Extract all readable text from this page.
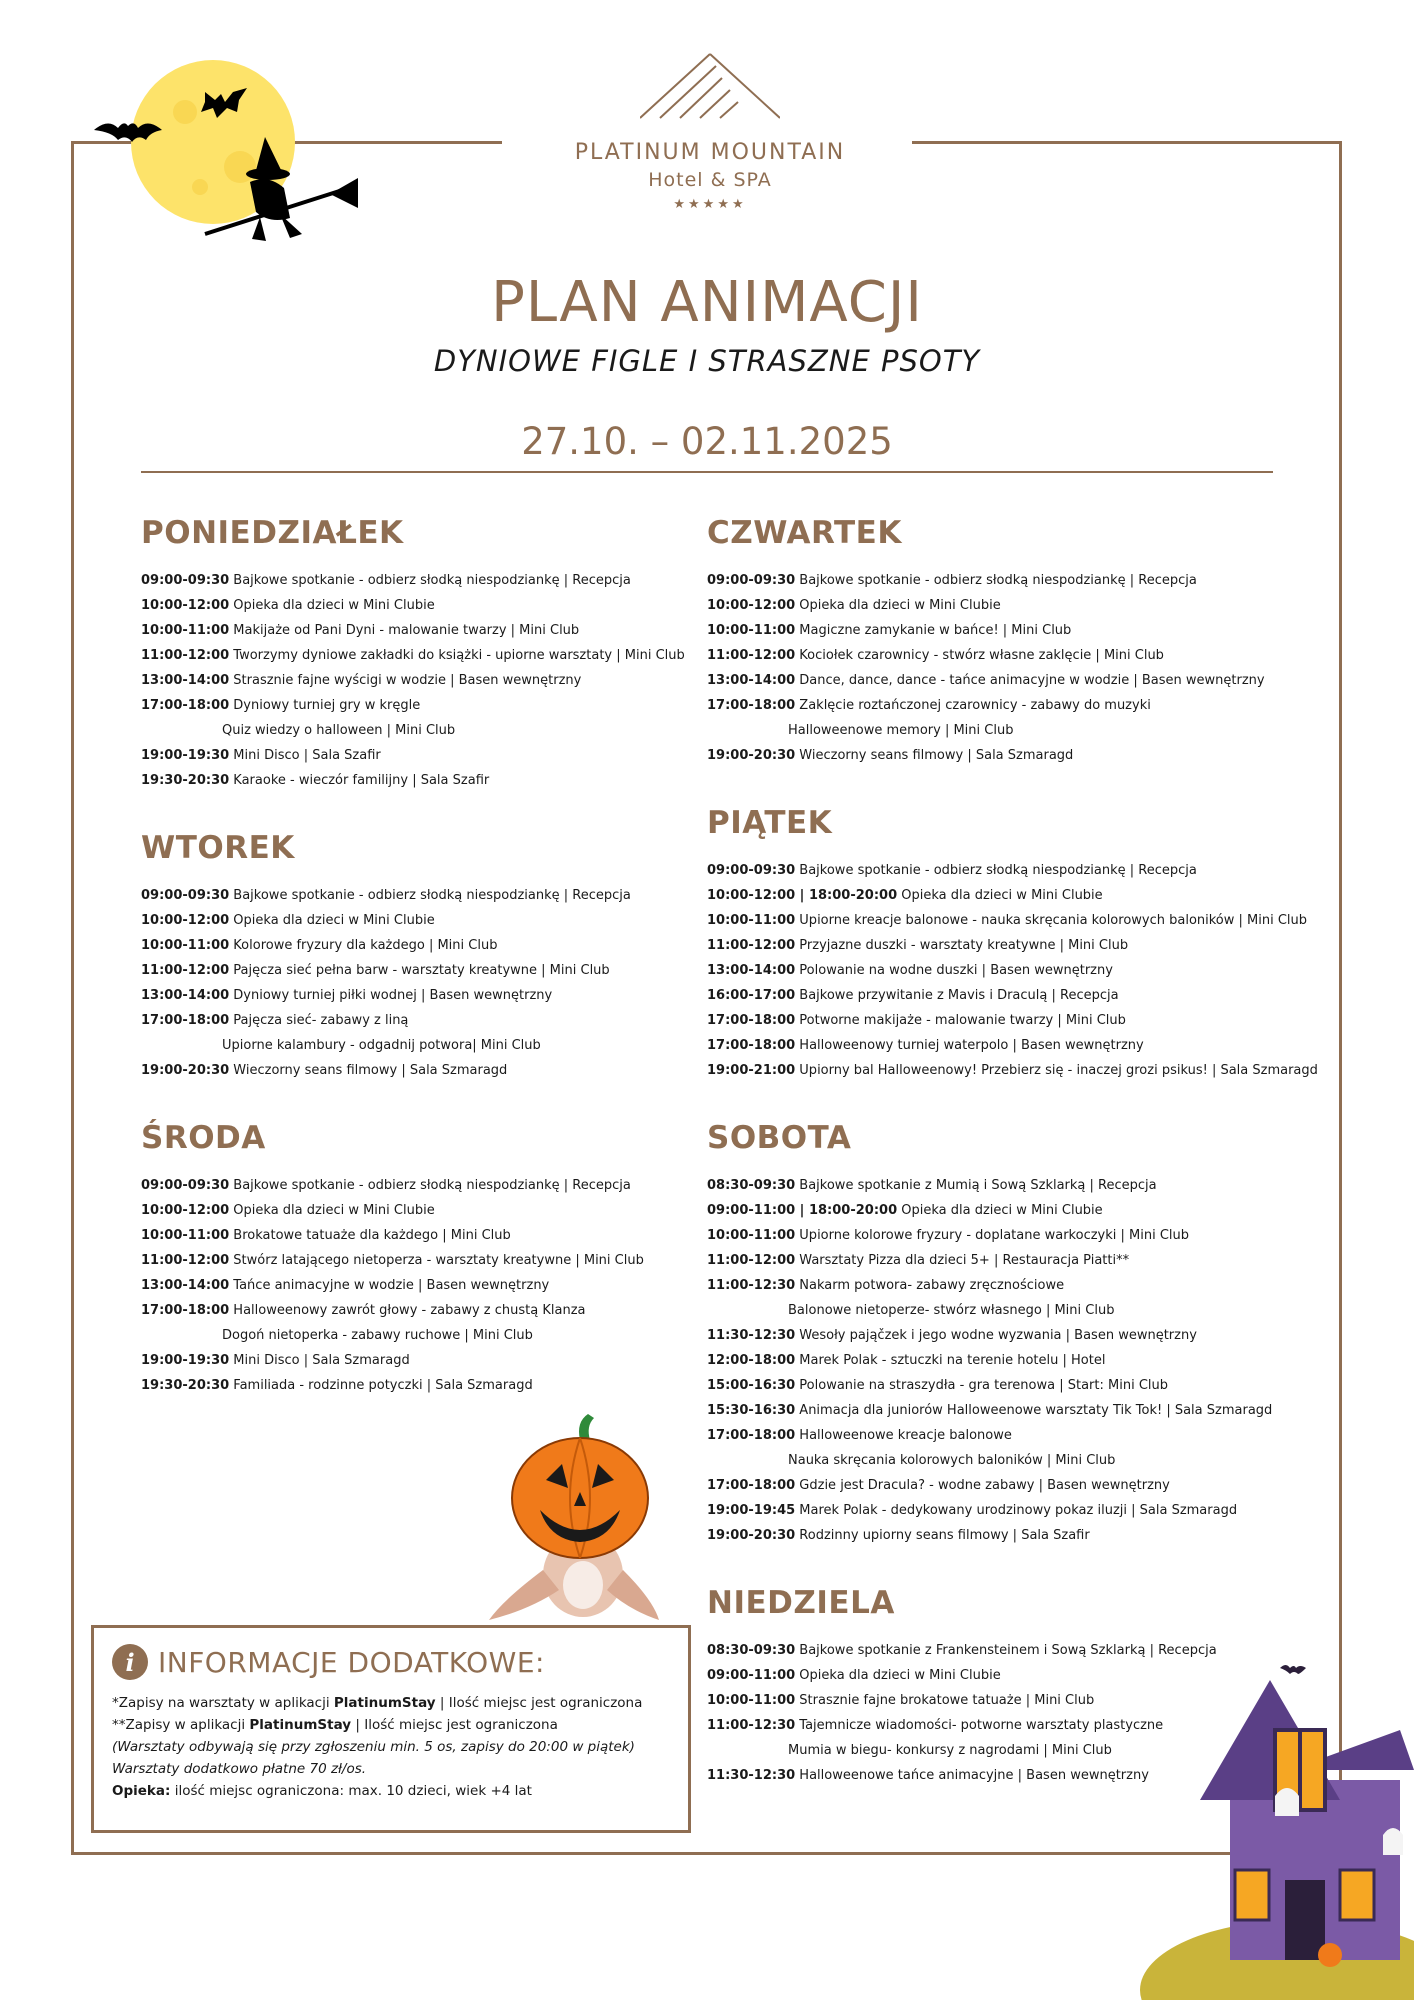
PLATINUM MOUNTAIN
Hotel & SPA
★★★★★
PLAN ANIMACJI
DYNIOWE FIGLE I STRASZNE PSOTY
27.10. – 02.11.2025
PONIEDZIAŁEK
09:00-09:30 Bajkowe spotkanie - odbierz słodką niespodziankę | Recepcja
10:00-12:00 Opieka dla dzieci w Mini Clubie
10:00-11:00 Makijaże od Pani Dyni - malowanie twarzy | Mini Club
11:00-12:00 Tworzymy dyniowe zakładki do książki - upiorne warsztaty | Mini Club
13:00-14:00 Strasznie fajne wyścigi w wodzie | Basen wewnętrzny
17:00-18:00 Dyniowy turniej gry w kręgle
Quiz wiedzy o halloween | Mini Club
19:00-19:30 Mini Disco | Sala Szafir
19:30-20:30 Karaoke - wieczór familijny | Sala Szafir
WTOREK
09:00-09:30 Bajkowe spotkanie - odbierz słodką niespodziankę | Recepcja
10:00-12:00 Opieka dla dzieci w Mini Clubie
10:00-11:00 Kolorowe fryzury dla każdego | Mini Club
11:00-12:00 Pajęcza sieć pełna barw - warsztaty kreatywne | Mini Club
13:00-14:00 Dyniowy turniej piłki wodnej | Basen wewnętrzny
17:00-18:00 Pajęcza sieć- zabawy z liną
Upiorne kalambury - odgadnij potwora| Mini Club
19:00-20:30 Wieczorny seans filmowy | Sala Szmaragd
ŚRODA
09:00-09:30 Bajkowe spotkanie - odbierz słodką niespodziankę | Recepcja
10:00-12:00 Opieka dla dzieci w Mini Clubie
10:00-11:00 Brokatowe tatuaże dla każdego | Mini Club
11:00-12:00 Stwórz latającego nietoperza - warsztaty kreatywne | Mini Club
13:00-14:00 Tańce animacyjne w wodzie | Basen wewnętrzny
17:00-18:00 Halloweenowy zawrót głowy - zabawy z chustą Klanza
Dogoń nietoperka - zabawy ruchowe | Mini Club
19:00-19:30 Mini Disco | Sala Szmaragd
19:30-20:30 Familiada - rodzinne potyczki | Sala Szmaragd
CZWARTEK
09:00-09:30 Bajkowe spotkanie - odbierz słodką niespodziankę | Recepcja
10:00-12:00 Opieka dla dzieci w Mini Clubie
10:00-11:00 Magiczne zamykanie w bańce! | Mini Club
11:00-12:00 Kociołek czarownicy - stwórz własne zaklęcie | Mini Club
13:00-14:00 Dance, dance, dance - tańce animacyjne w wodzie | Basen wewnętrzny
17:00-18:00 Zaklęcie roztańczonej czarownicy - zabawy do muzyki
Halloweenowe memory | Mini Club
19:00-20:30 Wieczorny seans filmowy | Sala Szmaragd
PIĄTEK
09:00-09:30 Bajkowe spotkanie - odbierz słodką niespodziankę | Recepcja
10:00-12:00 | 18:00-20:00 Opieka dla dzieci w Mini Clubie
10:00-11:00 Upiorne kreacje balonowe - nauka skręcania kolorowych baloników | Mini Club
11:00-12:00 Przyjazne duszki - warsztaty kreatywne | Mini Club
13:00-14:00 Polowanie na wodne duszki | Basen wewnętrzny
16:00-17:00 Bajkowe przywitanie z Mavis i Draculą | Recepcja
17:00-18:00 Potworne makijaże - malowanie twarzy | Mini Club
17:00-18:00 Halloweenowy turniej waterpolo | Basen wewnętrzny
19:00-21:00 Upiorny bal Halloweenowy! Przebierz się - inaczej grozi psikus! | Sala Szmaragd
SOBOTA
08:30-09:30 Bajkowe spotkanie z Mumią i Sową Szklarką | Recepcja
09:00-11:00 | 18:00-20:00 Opieka dla dzieci w Mini Clubie
10:00-11:00 Upiorne kolorowe fryzury - doplatane warkoczyki | Mini Club
11:00-12:00 Warsztaty Pizza dla dzieci 5+ | Restauracja Piatti**
11:00-12:30 Nakarm potwora- zabawy zręcznościowe
Balonowe nietoperze- stwórz własnego | Mini Club
11:30-12:30 Wesoły pająčzek i jego wodne wyzwania | Basen wewnętrzny
12:00-18:00 Marek Polak - sztuczki na terenie hotelu | Hotel
15:00-16:30 Polowanie na straszydła - gra terenowa | Start: Mini Club
15:30-16:30 Animacja dla juniorów Halloweenowe warsztaty Tik Tok! | Sala Szmaragd
17:00-18:00 Halloweenowe kreacje balonowe
Nauka skręcania kolorowych baloników | Mini Club
17:00-18:00 Gdzie jest Dracula? - wodne zabawy | Basen wewnętrzny
19:00-19:45 Marek Polak - dedykowany urodzinowy pokaz iluzji | Sala Szmaragd
19:00-20:30 Rodzinny upiorny seans filmowy | Sala Szafir
NIEDZIELA
08:30-09:30 Bajkowe spotkanie z Frankensteinem i Sową Szklarką | Recepcja
09:00-11:00 Opieka dla dzieci w Mini Clubie
10:00-11:00 Strasznie fajne brokatowe tatuaże | Mini Club
11:00-12:30 Tajemnicze wiadomości- potworne warsztaty plastyczne
Mumia w biegu- konkursy z nagrodami | Mini Club
11:30-12:30 Halloweenowe tańce animacyjne | Basen wewnętrzny
i INFORMACJE DODATKOWE:
*Zapisy na warsztaty w aplikacji PlatinumStay | Ilość miejsc jest ograniczona
**Zapisy w aplikacji PlatinumStay | Ilość miejsc jest ograniczona
(Warsztaty odbywają się przy zgłoszeniu min. 5 os, zapisy do 20:00 w piątek)
Warsztaty dodatkowo płatne 70 zł/os.
Opieka: ilość miejsc ograniczona: max. 10 dzieci, wiek +4 lat
